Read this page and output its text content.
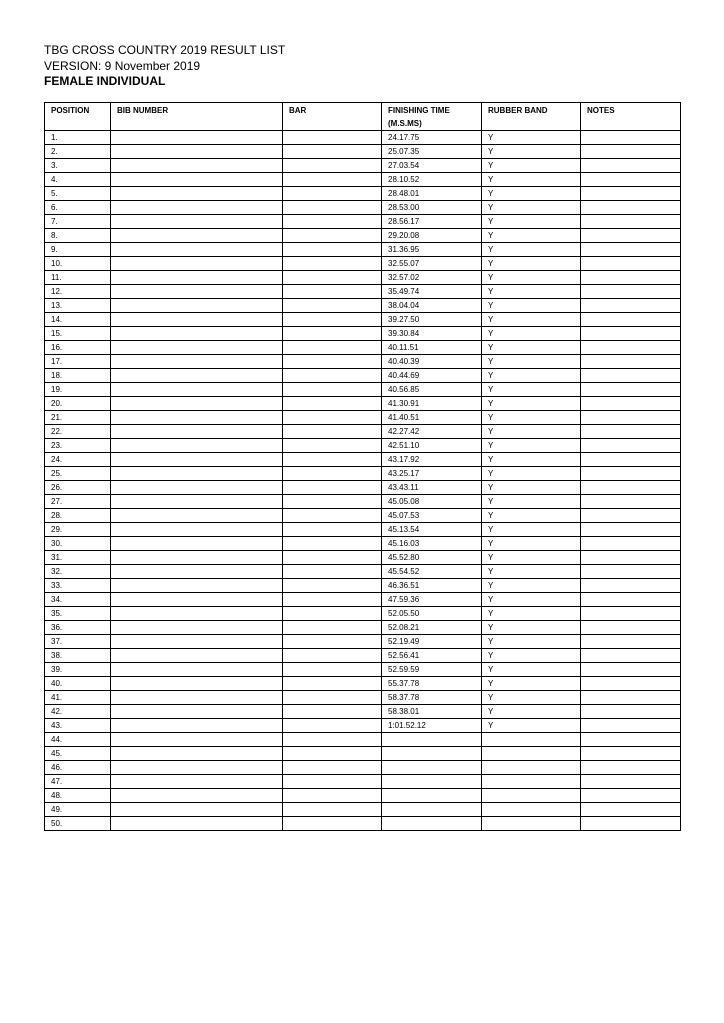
TBG CROSS COUNTRY 2019 RESULT LIST
VERSION: 9 November 2019
FEMALE INDIVIDUAL
POSITION	BIB NUMBER	BAR	FINISHING TIME (M.S.MS)	RUBBER BAND	NOTES
1.			24.17.75	Y	
2.			25.07.35	Y	
3.			27.03.54	Y	
4.			28.10.52	Y	
5.			28.48.01	Y	
6.			28.53.00	Y	
7.			28.56.17	Y	
8.			29.20.08	Y	
9.			31.36.95	Y	
10.			32.55.07	Y	
11.			32.57.02	Y	
12.			35.49.74	Y	
13.			38.04.04	Y	
14.			39.27.50	Y	
15.			39.30.84	Y	
16.			40.11.51	Y	
17.			40.40.39	Y	
18.			40.44.69	Y	
19.			40.56.85	Y	
20.			41.30.91	Y	
21.			41.40.51	Y	
22.			42.27.42	Y	
23.			42.51.10	Y	
24.			43.17.92	Y	
25.			43.25.17	Y	
26.			43.43.11	Y	
27.			45.05.08	Y	
28.			45.07.53	Y	
29.			45.13.54	Y	
30.			45.16.03	Y	
31.			45.52.80	Y	
32.			45.54.52	Y	
33.			46.36.51	Y	
34.			47.59.36	Y	
35.			52.05.50	Y	
36.			52.08.21	Y	
37.			52.19.49	Y	
38.			52.56.41	Y	
39.			52.59.59	Y	
40.			55.37.78	Y	
41.			58.37.78	Y	
42.			58.38.01	Y	
43.			1:01.52.12	Y	
44.					
45.					
46.					
47.					
48.					
49.					
50.					
